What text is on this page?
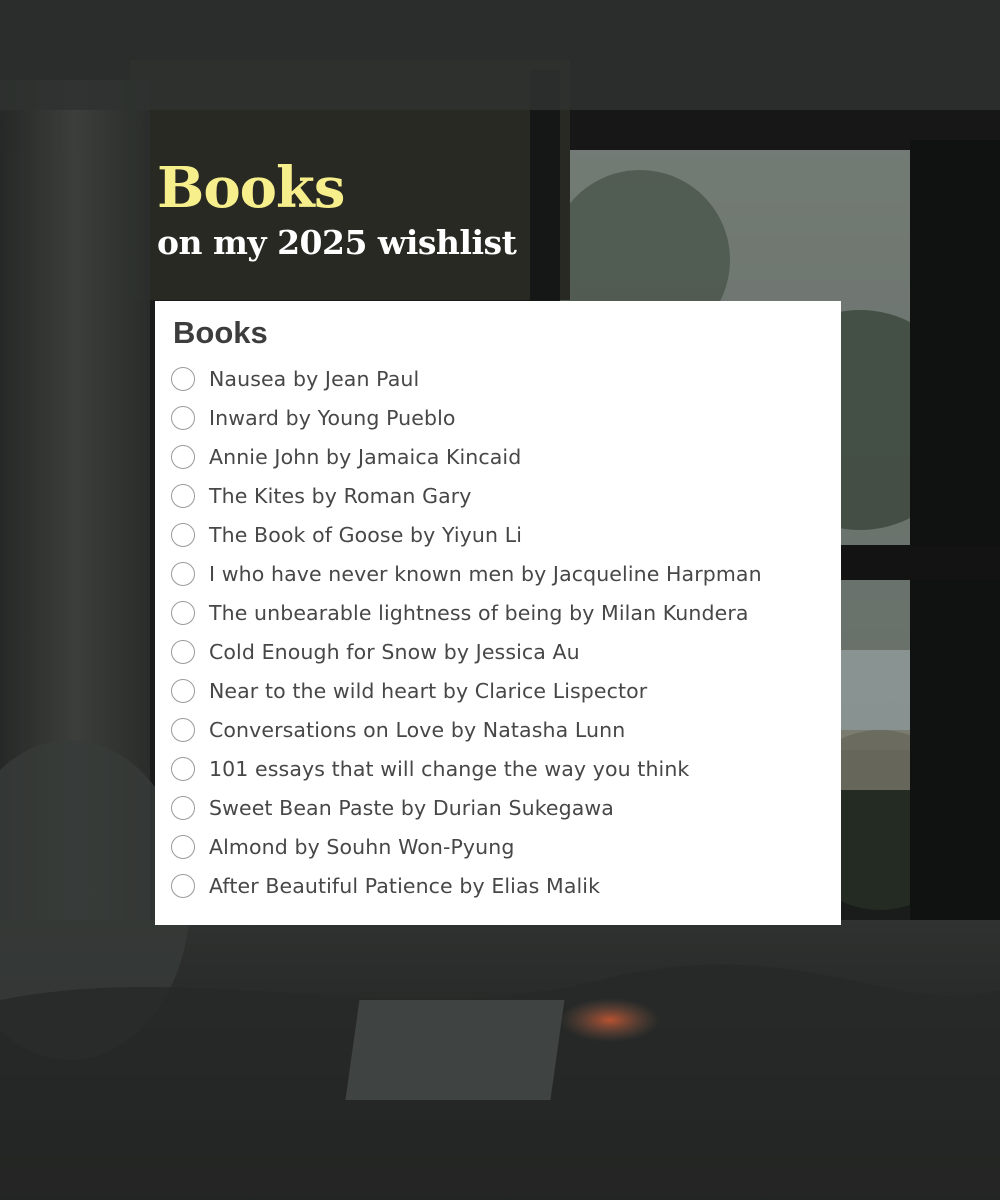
Books
on my 2025 wishlist
Books
Nausea by Jean Paul
Inward by Young Pueblo
Annie John by Jamaica Kincaid
The Kites by Roman Gary
The Book of Goose by Yiyun Li
I who have never known men by Jacqueline Harpman
The unbearable lightness of being by Milan Kundera
Cold Enough for Snow by Jessica Au
Near to the wild heart by Clarice Lispector
Conversations on Love by Natasha Lunn
101 essays that will change the way you think
Sweet Bean Paste by Durian Sukegawa
Almond by Souhn Won-Pyung
After Beautiful Patience by Elias Malik
